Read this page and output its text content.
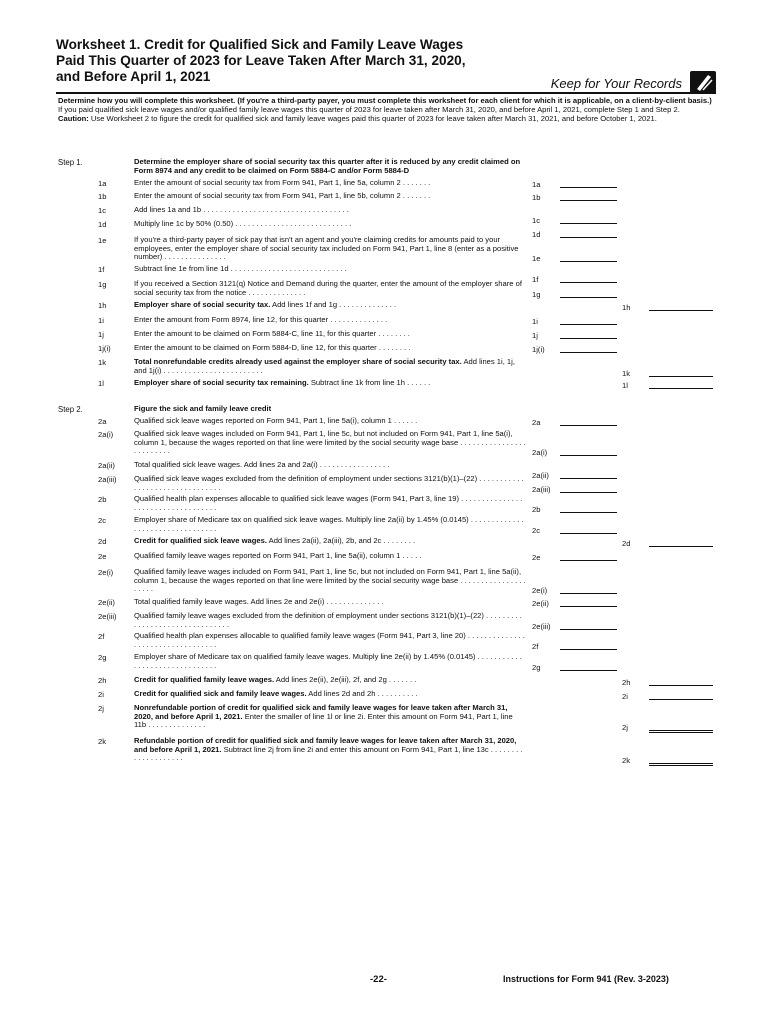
Worksheet 1. Credit for Qualified Sick and Family Leave Wages
Paid This Quarter of 2023 for Leave Taken After March 31, 2020,
and Before April 1, 2021	Keep for Your Records

Determine how you will complete this worksheet. (If you're a third-party payer, you must complete this worksheet for each client for which it is applicable, on a client-by-client basis.)

If you paid qualified sick leave wages and/or qualified family leave wages this quarter of 2023 for leave taken after March 31, 2020, and before April 1, 2021, complete Step 1 and Step 2. Caution: Use Worksheet 2 to figure the credit for qualified sick and family leave wages paid this quarter of 2023 for leave taken after March 31, 2021, and before October 1, 2021.

Step 1.	Determine the employer share of social security tax this quarter after it is reduced by any credit claimed on Form 8974 and any credit to be claimed on Form 5884-C and/or Form 5884-D
Step 2.	Figure the sick and family leave credit
1a	Enter the amount of social security tax from Form 941, Part 1, line 5a, column 2 . . . . . . .	1a
1b	Enter the amount of social security tax from Form 941, Part 1, line 5b, column 2 . . . . . . .	1b
1c	Add lines 1a and 1b . . . . . . . . . . . . . . . . . . . . . . . . . . . . . . . . . . .
1c
1d	Multiply line 1c by 50% (0.50) . . . . . . . . . . . . . . . . . . . . . . . . . . . .
1d
1e	If you're a third-party payer of sick pay that isn't an agent and you're claiming credits for amounts paid to your employees, enter the employer share of social security tax included on Form 941, Part 1, line 8 (enter as a positive number) . . . . . . . . . . . . . . .	1e
1f	Subtract line 1e from line 1d . . . . . . . . . . . . . . . . . . . . . . . . . . . .
1f
1g	If you received a Section 3121(q) Notice and Demand during the quarter, enter the amount of the employer share of social security tax from the notice . . . . . . . . . . . . . .	1g
1h	Employer share of social security tax. Add lines 1f and 1g . . . . . . . . . . . . . .	1h
1i	Enter the amount from Form 8974, line 12, for this quarter . . . . . . . . . . . . . .	1i
1j	Enter the amount to be claimed on Form 5884-C, line 11, for this quarter . . . . . . . .	1j
1j(i)	Enter the amount to be claimed on Form 5884-D, line 12, for this quarter . . . . . . . .	1j(i)
1k	Total nonrefundable credits already used against the employer share of social security tax. Add lines 1i, 1j, and 1j(i) . . . . . . . . . . . . . . . . . . . . . . . .	1k
1l	Employer share of social security tax remaining. Subtract line 1k from line 1h . . . . . .	1l
2a	Qualified sick leave wages reported on Form 941, Part 1, line 5a(i), column 1 . . . . . .	2a
2a(i)	Qualified sick leave wages included on Form 941, Part 1, line 5c, but not included on Form 941, Part 1, line 5a(i), column 1, because the wages reported on that line were limited by the social security wage base . . . . . . . . . . . . . . . . . . . . . . . . .	2a(i)
2a(ii)	Total qualified sick leave wages. Add lines 2a and 2a(i) . . . . . . . . . . . . . . . . .
2a(ii)
2a(iii) Qualified sick leave wages excluded from the definition of employment under sections 3121(b)(1)–(22) . . . . . . . . . . . . . . . . . . . . . . . . . . . . . . . .	2a(iii)
2b	Qualified health plan expenses allocable to qualified sick leave wages (Form 941, Part 3, line 19) . . . . . . . . . . . . . . . . . . . . . . . . . . . . . . . . . . .	2b
2c	Employer share of Medicare tax on qualified sick leave wages. Multiply line 2a(ii) by 1.45% (0.0145) . . . . . . . . . . . . . . . . . . . . . . . . . . . . . . . . .	2c
2d	Credit for qualified sick leave wages. Add lines 2a(ii), 2a(iii), 2b, and 2c . . . . . . . .	2d
2e	Qualified family leave wages reported on Form 941, Part 1, line 5a(ii), column 1 . . . . .	2e
2e(i)	Qualified family leave wages included on Form 941, Part 1, line 5c, but not included on Form 941, Part 1, line 5a(ii), column 1, because the wages reported on that line were limited by the social security wage base . . . . . . . . . . . . . . . . . . . . .	2e(i)
2e(ii)	Total qualified family leave wages. Add lines 2e and 2e(i) . . . . . . . . . . . . . .	2e(ii)
2e(iii) Qualified family leave wages excluded from the definition of employment under sections 3121(b)(1)–(22) . . . . . . . . . . . . . . . . . . . . . . . . . . . . . . . .	2e(iii)
2f	Qualified health plan expenses allocable to qualified family leave wages (Form 941, Part 3, line 20) . . . . . . . . . . . . . . . . . . . . . . . . . . . . . . . . . .	2f
2g	Employer share of Medicare tax on qualified family leave wages. Multiply line 2e(ii) by 1.45% (0.0145) . . . . . . . . . . . . . . . . . . . . . . . . . . . . . . .	2g
2h	Credit for qualified family leave wages. Add lines 2e(ii), 2e(iii), 2f, and 2g . . . . . . .	2h
2i	Credit for qualified sick and family leave wages. Add lines 2d and 2h . . . . . . . . . .	2i
2j	Nonrefundable portion of credit for qualified sick and family leave wages for leave taken after March 31, 2020, and before April 1, 2021. Enter the smaller of line 1l or line 2i. Enter this amount on Form 941, Part 1, line 11b . . . . . . . . . . . . . .	2j
2k	Refundable portion of credit for qualified sick and family leave wages for leave taken after March 31, 2020, and before April 1, 2021. Subtract line 2j from line 2i and enter this amount on Form 941, Part 1, line 13c . . . . . . . . . . . . . . . . . . . .	2k
-22-	Instructions for Form 941 (Rev. 3-2023)
